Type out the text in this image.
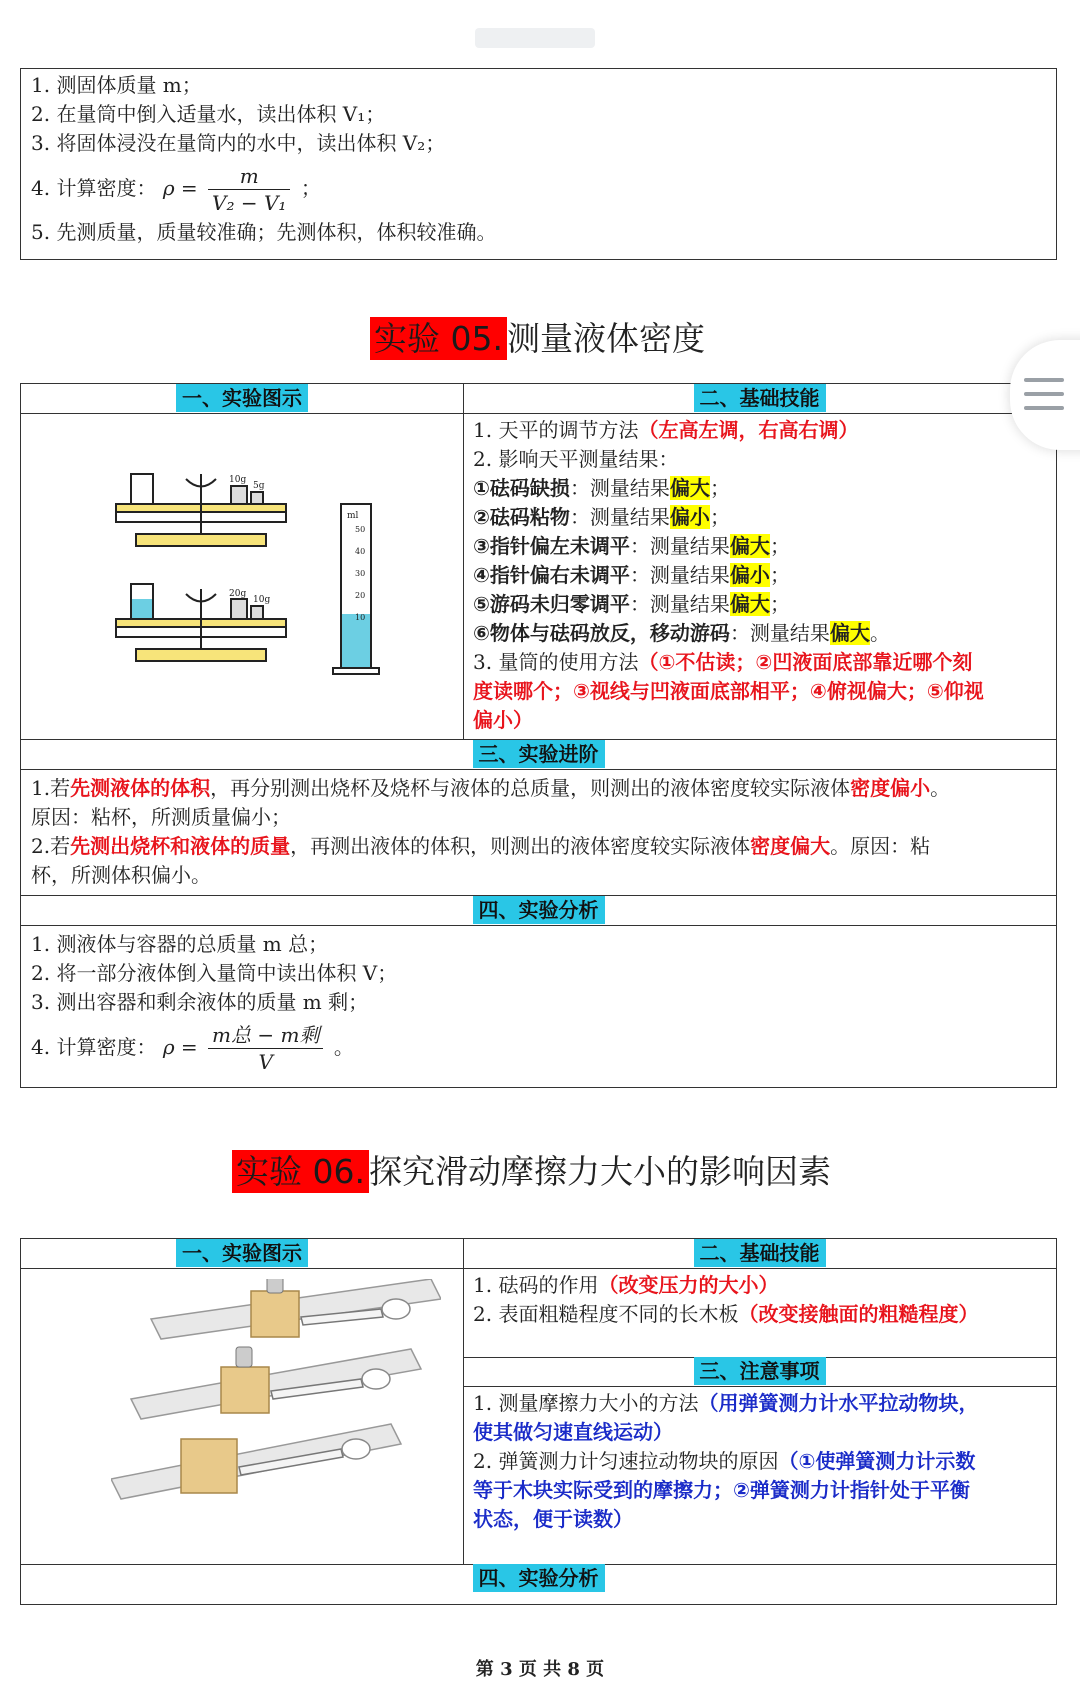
1. 测固体质量 m；
2. 在量筒中倒入适量水，读出体积 V₁；
3. 将固体浸没在量筒内的水中，读出体积 V₂；
4. 计算密度： $\rho = \frac{m}{\text{V₂ − V₁}}$ ；
5. 先测质量，质量较准确；先测体积，体积较准确。
实验 05. 测量液体密度
一、实验图示	二、基础技能
10g
5g
20g
10g
ml
50
40
30
20
10
1. 天平的调节方法（左高左调，右高右调）
2. 影响天平测量结果：
①砝码缺损：测量结果偏大；
②砝码粘物：测量结果偏小；
③指针偏左未调平：测量结果偏大；
④指针偏右未调平：测量结果偏小；
⑤游码未归零调平：测量结果偏大；
⑥物体与砝码放反，移动游码：测量结果偏大。
3. 量筒的使用方法（①不估读；②凹液面底部靠近哪个刻
度读哪个；③视线与凹液面底部相平；④俯视偏大；⑤仰视
偏小）
三、实验进阶
1.若先测液体的体积，再分别测出烧杯及烧杯与液体的总质量，则测出的液体密度较实际液体密度偏小。
原因：粘杯，所测质量偏小；
2.若先测出烧杯和液体的质量，再测出液体的体积，则测出的液体密度较实际液体密度偏大。原因：粘
杯，所测体积偏小。
四、实验分析
1. 测液体与容器的总质量 m 总；
2. 将一部分液体倒入量筒中读出体积 V；
3. 测出容器和剩余液体的质量 m 剩；
4. 计算密度： $\rho = \frac{\text{m总 − m剩}}{V}$ 。
实验 06. 探究滑动摩擦力大小的影响因素
一、实验图示	二、基础技能
1. 砝码的作用（改变压力的大小）
2. 表面粗糙程度不同的长木板（改变接触面的粗糙程度）
三、注意事项
1. 测量摩擦力大小的方法（用弹簧测力计水平拉动物块，
使其做匀速直线运动）
2. 弹簧测力计匀速拉动物块的原因（①使弹簧测力计示数
等于木块实际受到的摩擦力；②弹簧测力计指针处于平衡
状态，便于读数）
四、实验分析
第 3 页 共 8 页
